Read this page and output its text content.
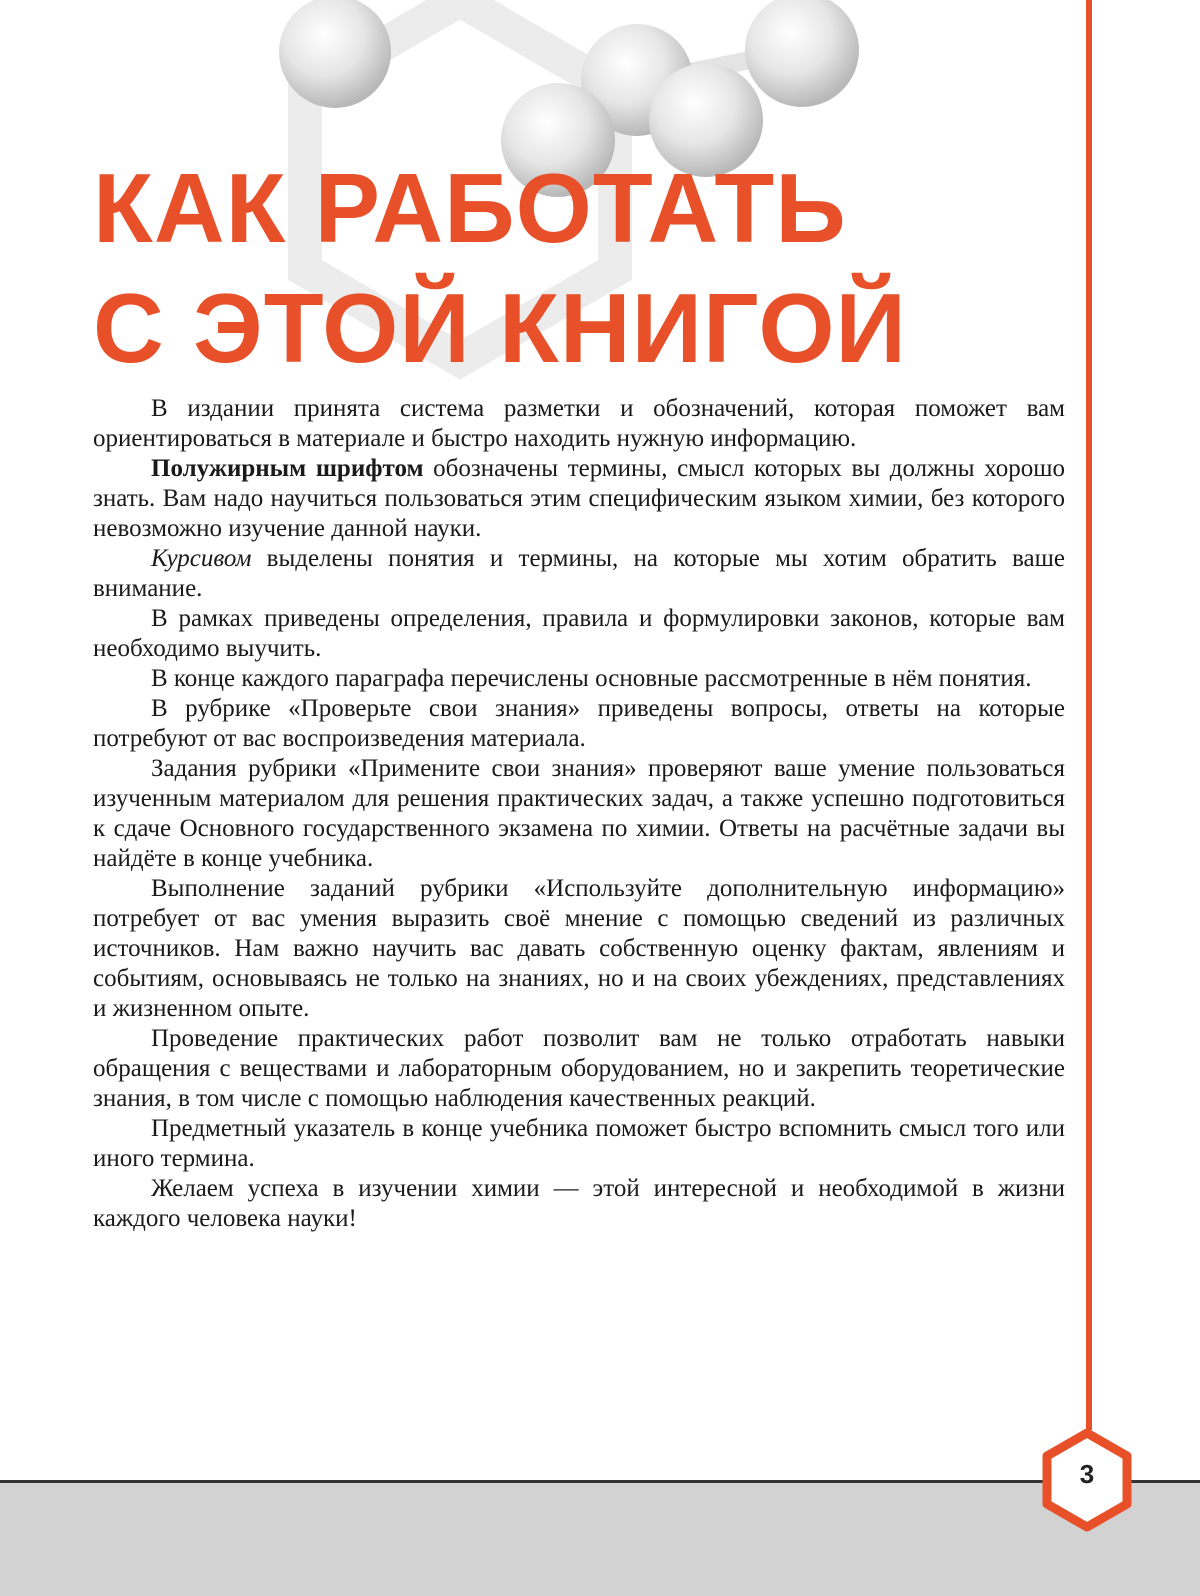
КАК РАБОТАТЬ
С ЭТОЙ КНИГОЙ

В издании принята система разметки и обозначений, которая поможет вам ориентироваться в материале и быстро находить нужную информацию.

Полужирным шрифтом обозначены термины, смысл которых вы должны хорошо знать. Вам надо научиться пользоваться этим специфическим языком химии, без которого невозможно изучение данной науки.

Курсивом выделены понятия и термины, на которые мы хотим обратить ваше внимание.

В рамках приведены определения, правила и формулировки законов, которые вам необходимо выучить.

В конце каждого параграфа перечислены основные рассмотренные в нём понятия.

В рубрике «Проверьте свои знания» приведены вопросы, ответы на которые потребуют от вас воспроизведения материала.

Задания рубрики «Примените свои знания» проверяют ваше умение пользоваться изученным материалом для решения практических задач, а также успешно подготовиться к сдаче Основного государственного экзамена по химии. Ответы на расчётные задачи вы найдёте в конце учебника.

Выполнение заданий рубрики «Используйте дополнительную информацию» потребует от вас умения выразить своё мнение с помощью сведений из различных источников. Нам важно научить вас давать собственную оценку фактам, явлениям и событиям, основываясь не только на знаниях, но и на своих убеждениях, представлениях и жизненном опыте.

Проведение практических работ позволит вам не только отработать навыки обращения с веществами и лабораторным оборудованием, но и закрепить теоретические знания, в том числе с помощью наблюдения качественных реакций.

Предметный указатель в конце учебника поможет быстро вспомнить смысл того или иного термина.

Желаем успеха в изучении химии — этой интересной и необходимой в жизни каждого человека науки!

3
